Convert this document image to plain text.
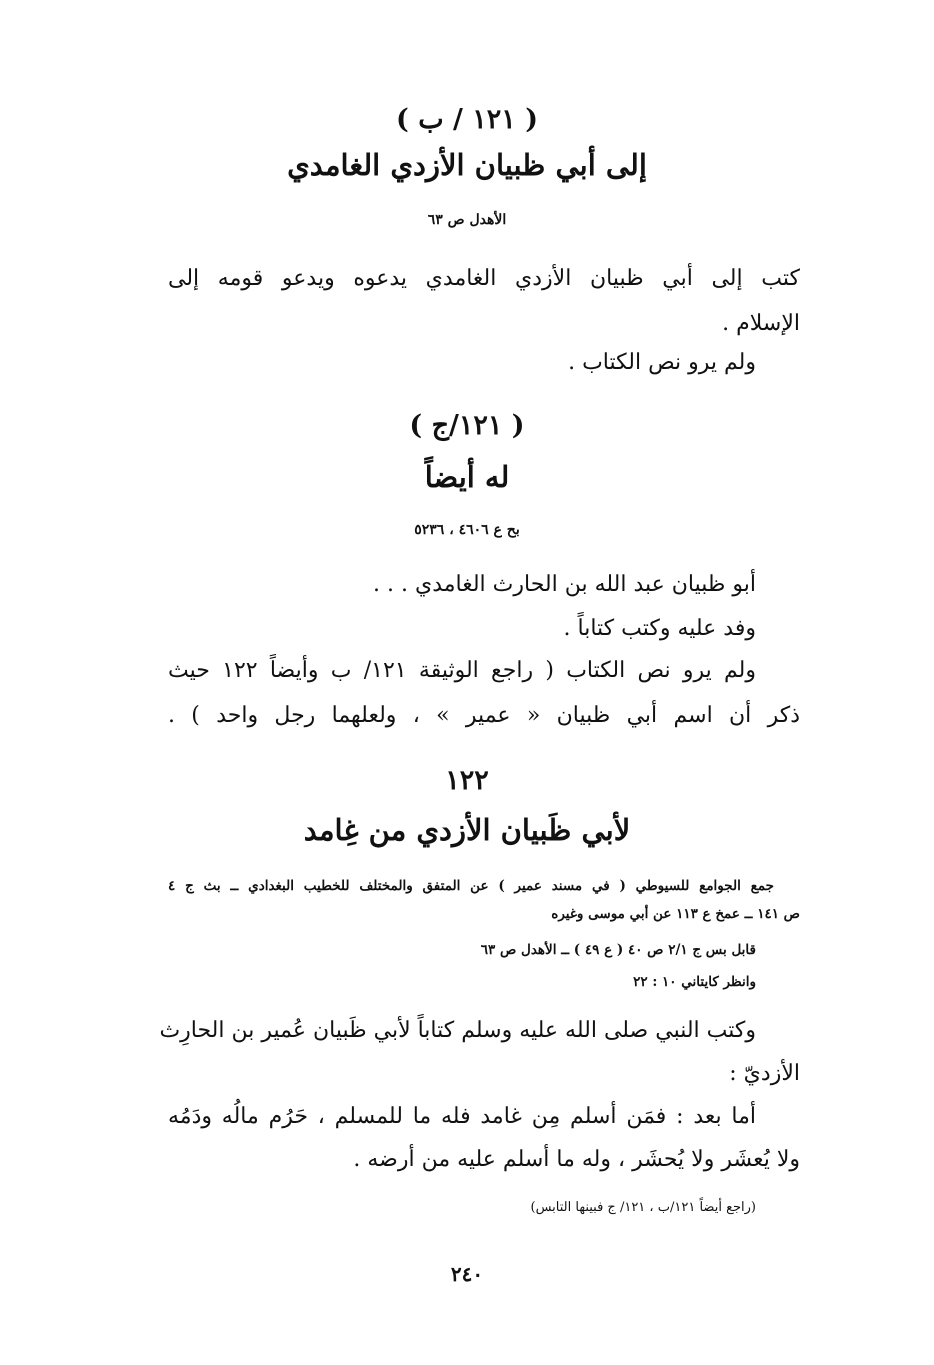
( ١٢١ / ب )
إلى أبي ظبيان الأزدي الغامدي
الأهدل ص ٦٣
كتب إلى أبي ظبيان الأزدي الغامدي يدعوه ويدعو قومه إلى
الإسلام .
ولم يرو نص الكتاب .
( ١٢١/ج )
له أيضاً
بح ع ٤٦٠٦ ، ٥٢٣٦
أبو ظبيان عبد الله بن الحارث الغامدي . . .
وفد عليه وكتب كتاباً .
ولم يرو نص الكتاب ( راجع الوثيقة ١٢١/ ب وأيضاً ١٢٢ حيث
ذكر أن اسم أبي ظبيان « عمير » ، ولعلهما رجل واحد ) .
١٢٢
لأبي ظَبيان الأزدي من غِامد
جمع الجوامع للسيوطي ( في مسند عمير ) عن المتفق والمختلف للخطيب البغدادي ــ بث ج ٤
ص ١٤١ ــ عمخ ع ١١٣ عن أبي موسى وغيره
قابل بس ج ٢/١ ص ٤٠ ( ع ٤٩ ) ــ الأهدل ص ٦٣
وانظر كايتاني ١٠ : ٢٢
وكتب النبي صلى الله عليه وسلم كتاباً لأبي ظَبيان عُمير بن الحارِث
الأزديّ :
أما بعد : فمَن أسلم مِن غامد فله ما للمسلم ، حَرُم مالُه ودَمُه
ولا يُعشَر ولا يُحشَر ، وله ما أسلم عليه من أرضه .
(راجع أيضاً ١٢١/ب ، ١٢١/ ج فبينها التابس)
٢٤٠
